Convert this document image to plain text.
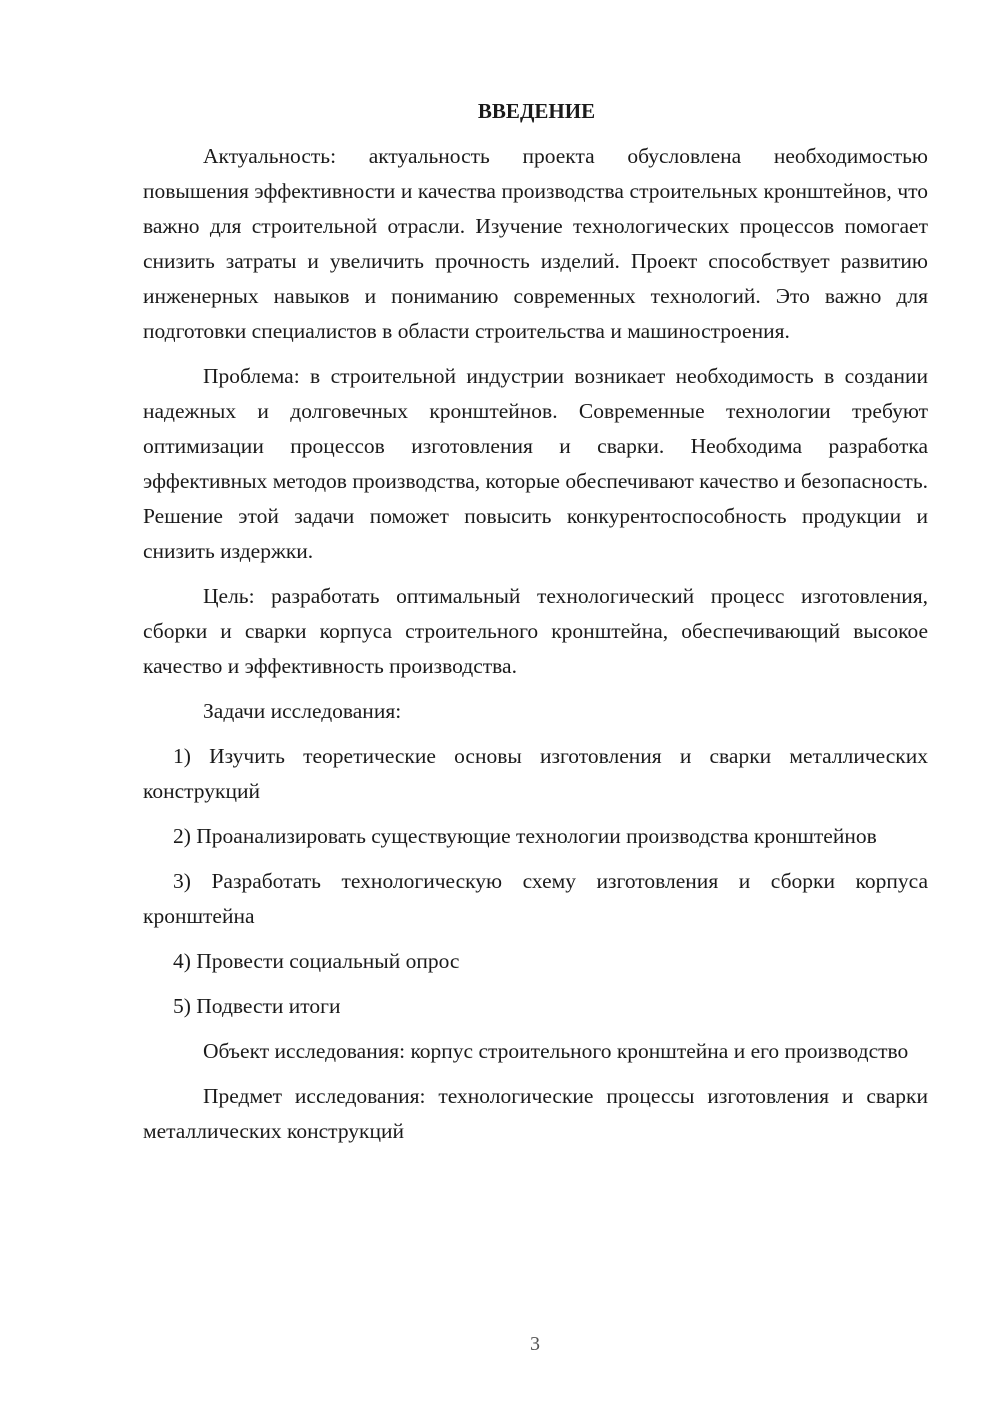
ВВЕДЕНИЕ

Актуальность: актуальность проекта обусловлена необходимостью повышения эффективности и качества производства строительных кронштейнов, что важно для строительной отрасли. Изучение технологических процессов помогает снизить затраты и увеличить прочность изделий. Проект способствует развитию инженерных навыков и пониманию современных технологий. Это важно для подготовки специалистов в области строительства и машиностроения.

Проблема: в строительной индустрии возникает необходимость в создании надежных и долговечных кронштейнов. Современные технологии требуют оптимизации процессов изготовления и сварки. Необходима разработка эффективных методов производства, которые обеспечивают качество и безопасность. Решение этой задачи поможет повысить конкурентоспособность продукции и снизить издержки.

Цель: разработать оптимальный технологический процесс изготовления, сборки и сварки корпуса строительного кронштейна, обеспечивающий высокое качество и эффективность производства.

Задачи исследования:

1) Изучить теоретические основы изготовления и сварки металлических конструкций

2) Проанализировать существующие технологии производства кронштейнов

3) Разработать технологическую схему изготовления и сборки корпуса кронштейна

4) Провести социальный опрос

5) Подвести итоги

Объект исследования: корпус строительного кронштейна и его производство

Предмет исследования: технологические процессы изготовления и сварки металлических конструкций

3
